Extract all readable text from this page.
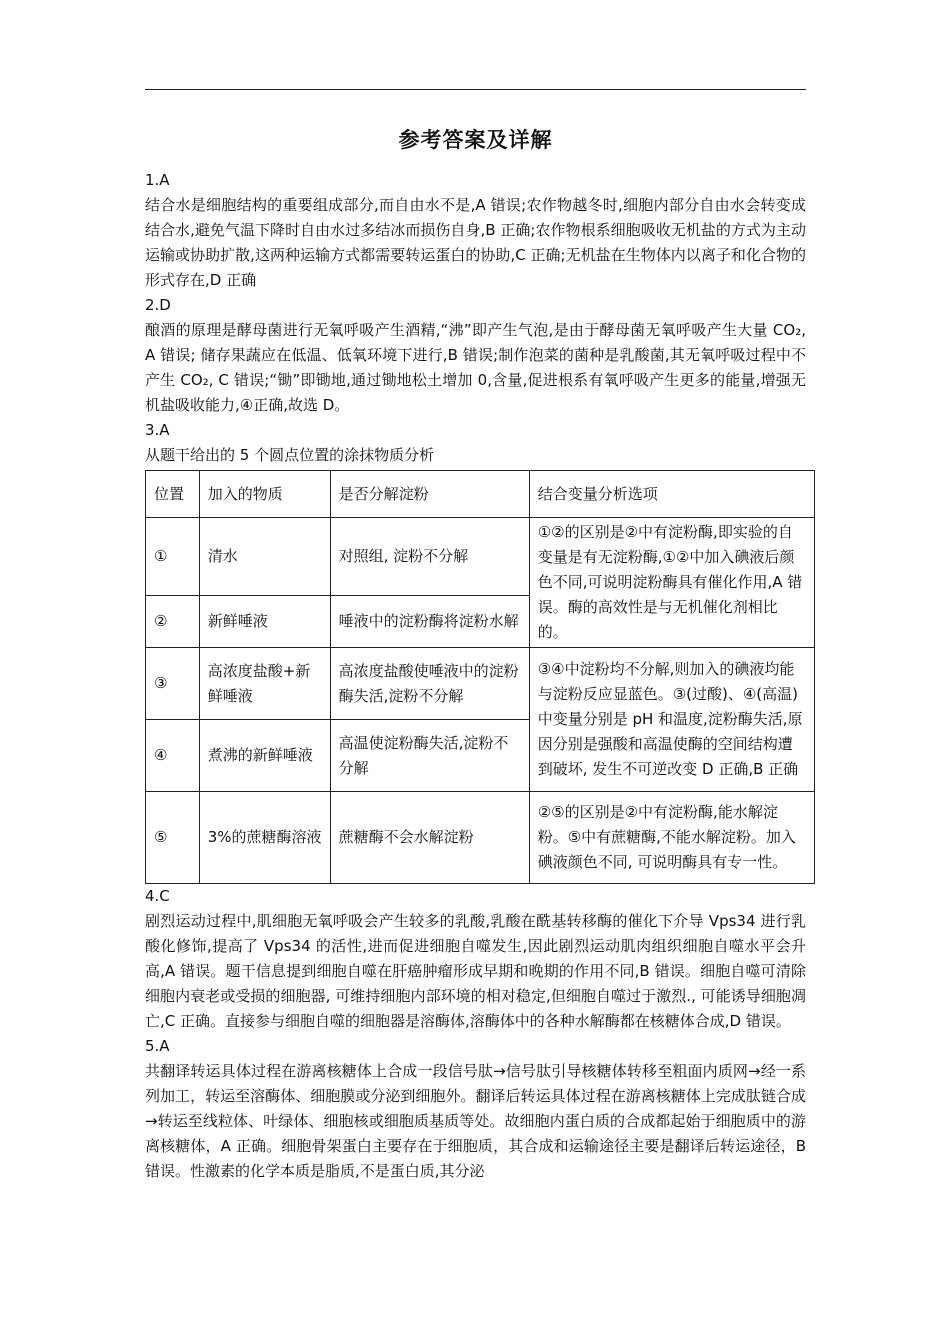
参考答案及详解
1.A

结合水是细胞结构的重要组成部分,而自由水不是,A 错误;农作物越冬时,细胞内部分自由水会转变成结合水,避免气温下降时自由水过多结冰而损伤自身,B 正确;农作物根系细胞吸收无机盐的方式为主动运输或协助扩散,这两种运输方式都需要转运蛋白的协助,C 正确;无机盐在生物体内以离子和化合物的形式存在,D 正确

2.D

酿酒的原理是酵母菌进行无氧呼吸产生酒精,“沸”即产生气泡,是由于酵母菌无氧呼吸产生大量 CO₂, A 错误; 储存果蔬应在低温、低氧环境下进行,B 错误;制作泡菜的菌种是乳酸菌,其无氧呼吸过程中不产生 CO₂, C 错误;“锄”即锄地,通过锄地松土增加 0,含量,促进根系有氧呼吸产生更多的能量,增强无机盐吸收能力,④正确,故选 D。

3.A

从题干给出的 5 个圆点位置的涂抹物质分析

位置	加入的物质	是否分解淀粉	结合变量分析选项
①	清水	对照组, 淀粉不分解	①②的区别是②中有淀粉酶,即实验的自变量是有无淀粉酶,①②中加入碘液后颜色不同,可说明淀粉酶具有催化作用,A 错误。酶的高效性是与无机催化剂相比的。
②	新鲜唾液	唾液中的淀粉酶将淀粉水解	
③	高浓度盐酸+新鲜唾液	高浓度盐酸使唾液中的淀粉酶失活,淀粉不分解	③④中淀粉均不分解,则加入的碘液均能与淀粉反应显蓝色。③(过酸)、④(高温)中变量分别是 pH 和温度,淀粉酶失活,原因分别是强酸和高温使酶的空间结构遭到破坏, 发生不可逆改变 D 正确,B 正确
④	煮沸的新鲜唾液	高温使淀粉酶失活,淀粉不分解	
⑤	3%的蔗糖酶溶液	蔗糖酶不会水解淀粉	②⑤的区别是②中有淀粉酶,能水解淀粉。⑤中有蔗糖酶,不能水解淀粉。加入碘液颜色不同, 可说明酶具有专一性。
4.C

剧烈运动过程中,肌细胞无氧呼吸会产生较多的乳酸,乳酸在酰基转移酶的催化下介导 Vps34 进行乳酸化修饰,提高了 Vps34 的活性,进而促进细胞自噬发生,因此剧烈运动肌肉组织细胞自噬水平会升高,A 错误。题干信息提到细胞自噬在肝癌肿瘤形成早期和晚期的作用不同,B 错误。细胞自噬可清除细胞内衰老或受损的细胞器, 可维持细胞内部环境的相对稳定,但细胞自噬过于激烈., 可能诱导细胞凋亡,C 正确。直接参与细胞自噬的细胞器是溶酶体,溶酶体中的各种水解酶都在核糖体合成,D 错误。

5.A

共翻译转运具体过程在游离核糖体上合成一段信号肽→信号肽引导核糖体转移至粗面内质网→经一系列加工，转运至溶酶体、细胞膜或分泌到细胞外。翻译后转运具体过程在游离核糖体上完成肽链合成→转运至线粒体、叶绿体、细胞核或细胞质基质等处。故细胞内蛋白质的合成都起始于细胞质中的游离核糖体，A 正确。细胞骨架蛋白主要存在于细胞质，其合成和运输途径主要是翻译后转运途径，B 错误。性激素的化学本质是脂质,不是蛋白质,其分泌
